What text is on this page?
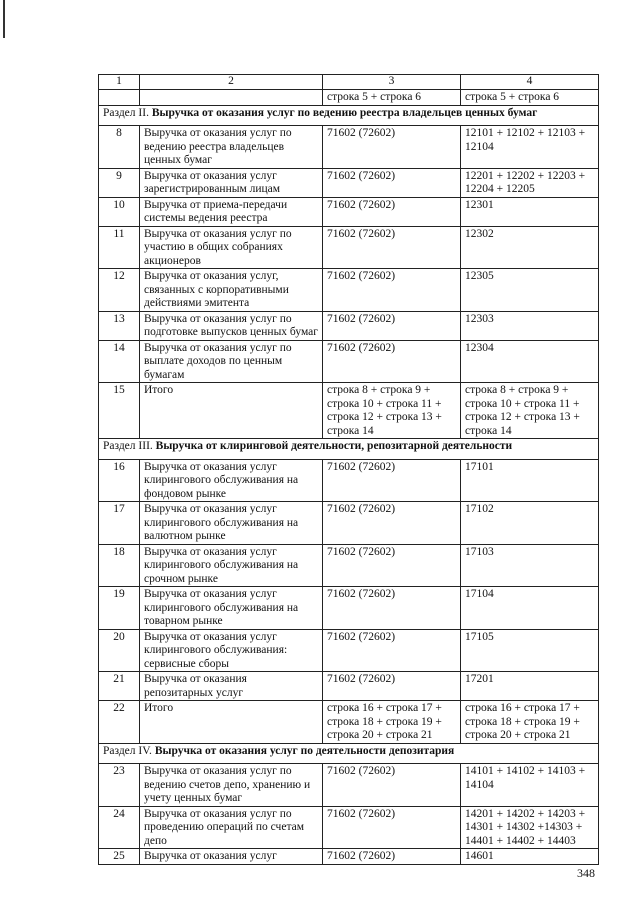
1	2	3	4
		строка 5 + строка 6	строка 5 + строка 6
Раздел II. Выручка от оказания услуг по ведению реестра владельцев ценных бумаг			
8	Выручка от оказания услуг по ведению реестра владельцев ценных бумаг	71602 (72602)	12101 + 12102 + 12103 + 12104
9	Выручка от оказания услуг зарегистрированным лицам	71602 (72602)	12201 + 12202 + 12203 + 12204 + 12205
10	Выручка от приема-передачи системы ведения реестра	71602 (72602)	12301
11	Выручка от оказания услуг по участию в общих собраниях акционеров	71602 (72602)	12302
12	Выручка от оказания услуг, связанных с корпоративными действиями эмитента	71602 (72602)	12305
13	Выручка от оказания услуг по подготовке выпусков ценных бумаг	71602 (72602)	12303
14	Выручка от оказания услуг по выплате доходов по ценным бумагам	71602 (72602)	12304
15	Итого	строка 8 + строка 9 + строка 10 + строка 11 + строка 12 + строка 13 + строка 14	строка 8 + строка 9 + строка 10 + строка 11 + строка 12 + строка 13 + строка 14
Раздел III. Выручка от клиринговой деятельности, репозитарной деятельности			
16	Выручка от оказания услуг клирингового обслуживания на фондовом рынке	71602 (72602)	17101
17	Выручка от оказания услуг клирингового обслуживания на валютном рынке	71602 (72602)	17102
18	Выручка от оказания услуг клирингового обслуживания на срочном рынке	71602 (72602)	17103
19	Выручка от оказания услуг клирингового обслуживания на товарном рынке	71602 (72602)	17104
20	Выручка от оказания услуг клирингового обслуживания: сервисные сборы	71602 (72602)	17105
21	Выручка от оказания репозитарных услуг	71602 (72602)	17201
22	Итого	строка 16 + строка 17 + строка 18 + строка 19 + строка 20 + строка 21	строка 16 + строка 17 + строка 18 + строка 19 + строка 20 + строка 21
Раздел IV. Выручка от оказания услуг по деятельности депозитария			
23	Выручка от оказания услуг по ведению счетов депо, хранению и учету ценных бумаг	71602 (72602)	14101 + 14102 + 14103 + 14104
24	Выручка от оказания услуг по проведению операций по счетам депо	71602 (72602)	14201 + 14202 + 14203 + 14301 + 14302 +14303 + 14401 + 14402 + 14403
25	Выручка от оказания услуг	71602 (72602)	14601
348
